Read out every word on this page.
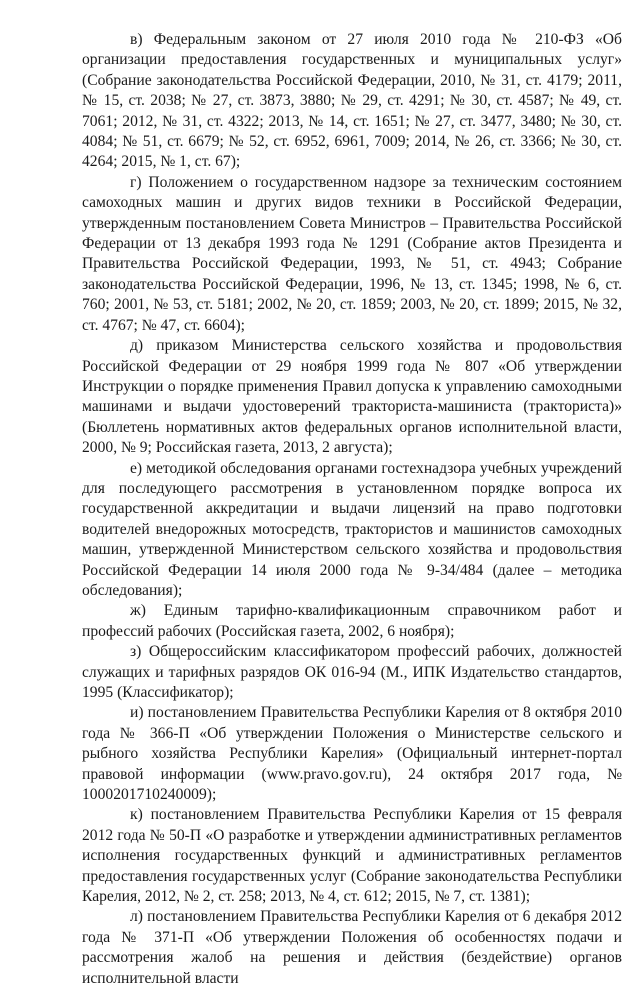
в) Федеральным законом от 27 июля 2010 года № 210-ФЗ «Об организации предоставления государственных и муниципальных услуг» (Собрание законодательства Российской Федерации, 2010, № 31, ст. 4179; 2011, № 15, ст. 2038; № 27, ст. 3873, 3880; № 29, ст. 4291; № 30, ст. 4587; № 49, ст. 7061; 2012, № 31, ст. 4322; 2013, № 14, ст. 1651; № 27, ст. 3477, 3480; № 30, ст. 4084; № 51, ст. 6679; № 52, ст. 6952, 6961, 7009; 2014, № 26, ст. 3366; № 30, ст. 4264; 2015, № 1, ст. 67);

г) Положением о государственном надзоре за техническим состоянием самоходных машин и других видов техники в Российской Федерации, утвержденным постановлением Совета Министров – Правительства Российской Федерации от 13 декабря 1993 года № 1291 (Собрание актов Президента и Правительства Российской Федерации, 1993, № 51, ст. 4943; Собрание законодательства Российской Федерации, 1996, № 13, ст. 1345; 1998, № 6, ст. 760; 2001, № 53, ст. 5181; 2002, № 20, ст. 1859; 2003, № 20, ст. 1899; 2015, № 32, ст. 4767; № 47, ст. 6604);

д) приказом Министерства сельского хозяйства и продовольствия Российской Федерации от 29 ноября 1999 года № 807 «Об утверждении Инструкции о порядке применения Правил допуска к управлению самоходными машинами и выдачи удостоверений тракториста-машиниста (тракториста)» (Бюллетень нормативных актов федеральных органов исполнительной власти, 2000, № 9; Российская газета, 2013, 2 августа);

е) методикой обследования органами гостехнадзора учебных учреждений для последующего рассмотрения в установленном порядке вопроса их государственной аккредитации и выдачи лицензий на право подготовки водителей внедорожных мотосредств, трактористов и машинистов самоходных машин, утвержденной Министерством сельского хозяйства и продовольствия Российской Федерации 14 июля 2000 года № 9-34/484 (далее – методика обследования);

ж) Единым тарифно-квалификационным справочником работ и профессий рабочих (Российская газета, 2002, 6 ноября);

з) Общероссийским классификатором профессий рабочих, должностей служащих и тарифных разрядов ОК 016-94 (М., ИПК Издательство стандартов, 1995 (Классификатор);

и) постановлением Правительства Республики Карелия от 8 октября 2010 года № 366-П «Об утверждении Положения о Министерстве сельского и рыбного хозяйства Республики Карелия» (Официальный интернет-портал правовой информации (www.pravo.gov.ru), 24 октября 2017 года, № 1000201710240009);

к) постановлением Правительства Республики Карелия от 15 февраля 2012 года № 50-П «О разработке и утверждении административных регламентов исполнения государственных функций и административных регламентов предоставления государственных услуг (Собрание законодательства Республики Карелия, 2012, № 2, ст. 258; 2013, № 4, ст. 612; 2015, № 7, ст. 1381);

л) постановлением Правительства Республики Карелия от 6 декабря 2012 года № 371-П «Об утверждении Положения об особенностях подачи и рассмотрения жалоб на решения и действия (бездействие) органов исполнительной власти
